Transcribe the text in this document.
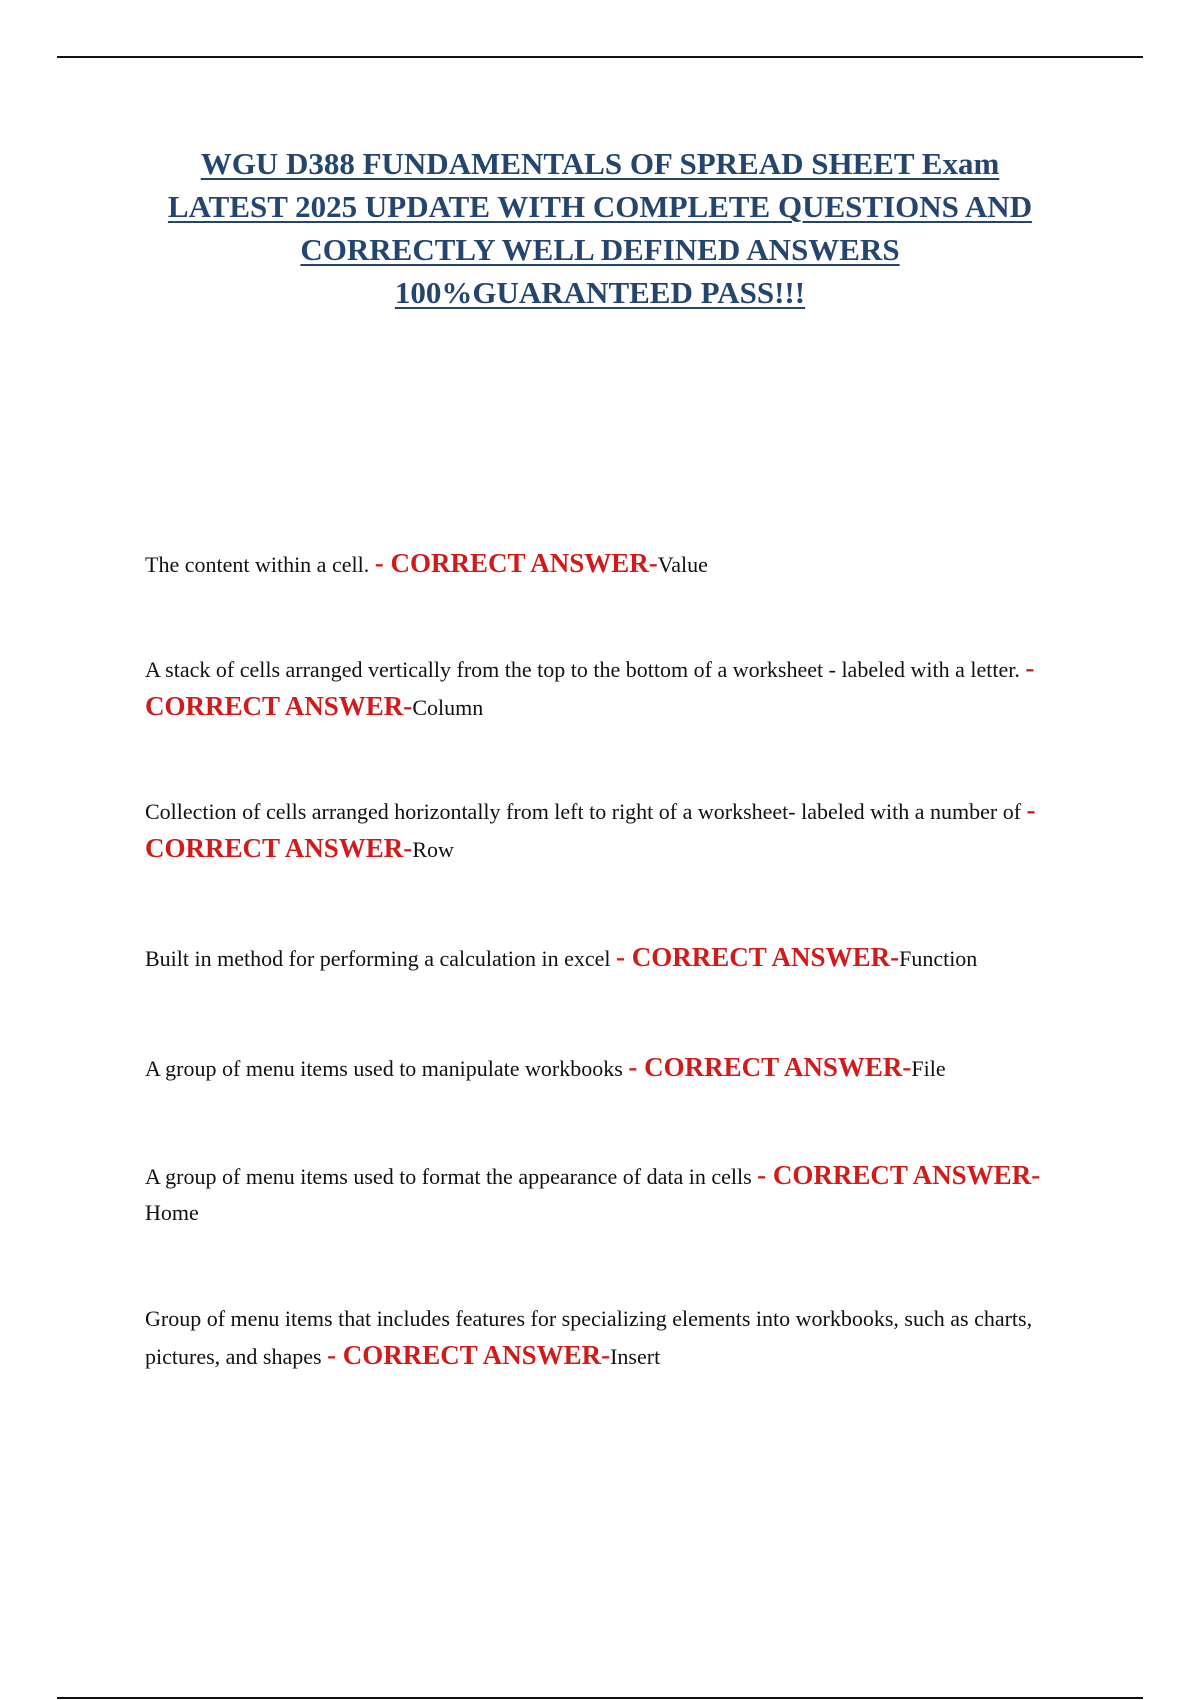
WGU D388 FUNDAMENTALS OF SPREAD SHEET Exam
LATEST 2025 UPDATE WITH COMPLETE QUESTIONS AND
CORRECTLY WELL DEFINED ANSWERS
100%GUARANTEED PASS!!!

The content within a cell. - CORRECT ANSWER-Value

A stack of cells arranged vertically from the top to the bottom of a worksheet - labeled with a letter. - CORRECT ANSWER-Column

Collection of cells arranged horizontally from left to right of a worksheet- labeled with a number of - CORRECT ANSWER-Row

Built in method for performing a calculation in excel - CORRECT ANSWER-Function

A group of menu items used to manipulate workbooks - CORRECT ANSWER-File

A group of menu items used to format the appearance of data in cells - CORRECT ANSWER-Home

Group of menu items that includes features for specializing elements into workbooks, such as charts, pictures, and shapes - CORRECT ANSWER-Insert
